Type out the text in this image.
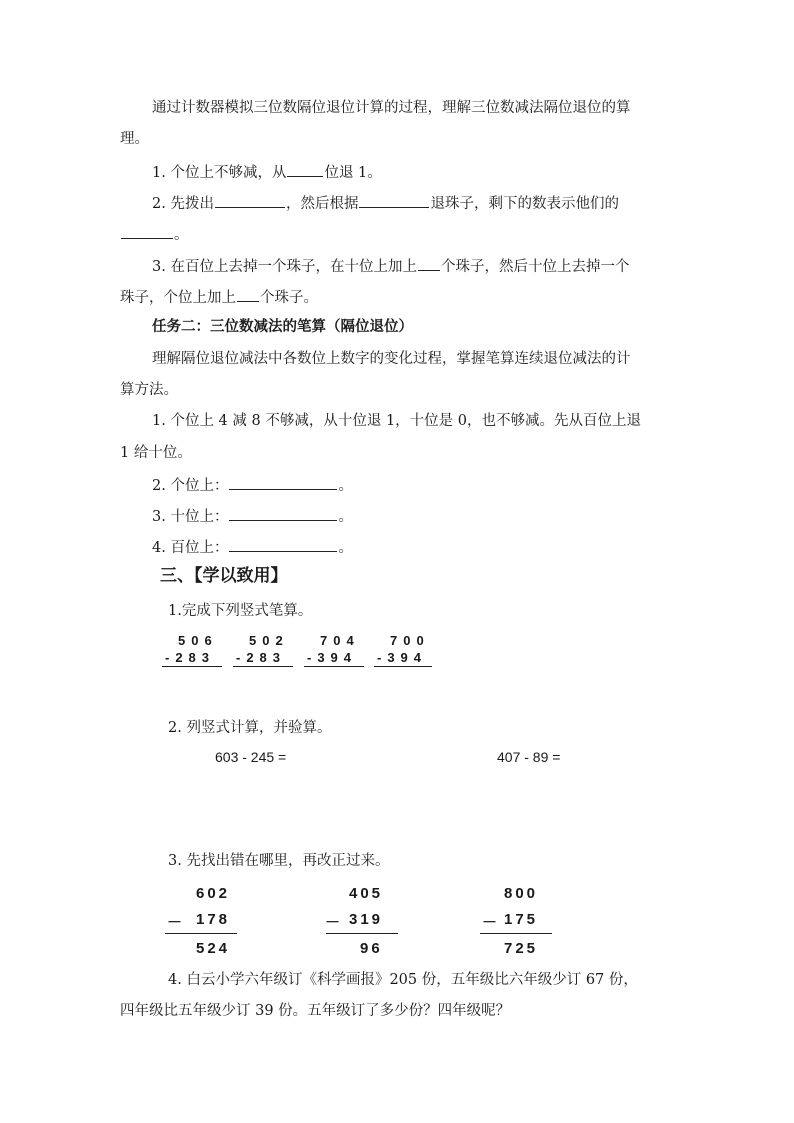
通过计数器模拟三位数隔位退位计算的过程，理解三位数减法隔位退位的算
理。
1. 个位上不够减，从	位退 1。
2. 先拨出	，然后根据	退珠子，剩下的数表示他们的
。
3. 在百位上去掉一个珠子，在十位上加上 个珠子，然后十位上去掉一个
珠子，个位上加上 个珠子。
任务二：三位数减法的笔算（隔位退位）
理解隔位退位减法中各数位上数字的变化过程，掌握笔算连续退位减法的计
算方法。
1. 个位上 4 减 8 不够减，从十位退 1，十位是 0，也不够减。先从百位上退
1 给十位。
2. 个位上：	。
3. 十位上：	。
4. 百位上：	。
三、【学以致用】
1.完成下列竖式笔算。
506
-283
502
-283
704
-394
700
-394
2. 列竖式计算，并验算。
603 - 245 =	407 - 89 =
3. 先找出错在哪里，再改正过来。
602
－ 178
524
405
－ 319
96
800
－ 175
725
4. 白云小学六年级订《科学画报》205 份，五年级比六年级少订 67 份，
四年级比五年级少订 39 份。五年级订了多少份？四年级呢？
